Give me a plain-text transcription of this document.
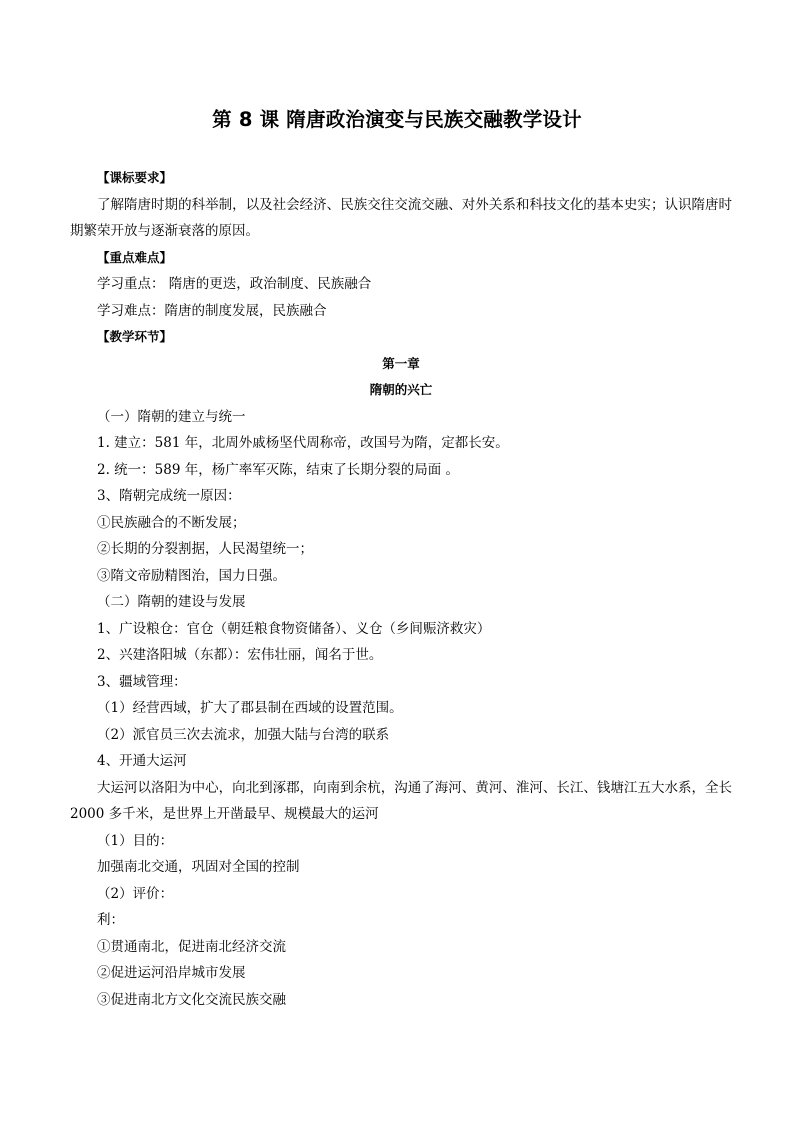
第 8 课 隋唐政治演变与民族交融教学设计

【课标要求】

了解隋唐时期的科举制，以及社会经济、民族交往交流交融、对外关系和科技文化的基本史实；认识隋唐时期繁荣开放与逐渐衰落的原因。

【重点难点】

学习重点： 隋唐的更迭，政治制度、民族融合

学习难点：隋唐的制度发展，民族融合

【教学环节】

第一章

隋朝的兴亡

（一）隋朝的建立与统一

1. 建立：581 年，北周外戚杨坚代周称帝，改国号为隋，定都长安。

2. 统一：589 年，杨广率军灭陈，结束了长期分裂的局面 。

3、隋朝完成统一原因：

①民族融合的不断发展；

②长期的分裂割据，人民渴望统一；

③隋文帝励精图治，国力日强。

（二）隋朝的建设与发展

1、广设粮仓：官仓（朝廷粮食物资储备）、义仓（乡间赈济救灾）

2、兴建洛阳城（东都）：宏伟壮丽，闻名于世。

3、疆域管理：

（1）经营西域，扩大了郡县制在西域的设置范围。

（2）派官员三次去流求，加强大陆与台湾的联系

4、开通大运河

大运河以洛阳为中心，向北到涿郡，向南到余杭，沟通了海河、黄河、淮河、长江、钱塘江五大水系，全长 2000 多千米，是世界上开凿最早、规模最大的运河

（1）目的：

加强南北交通，巩固对全国的控制

（2）评价：

利：

①贯通南北，促进南北经济交流

②促进运河沿岸城市发展

③促进南北方文化交流民族交融
